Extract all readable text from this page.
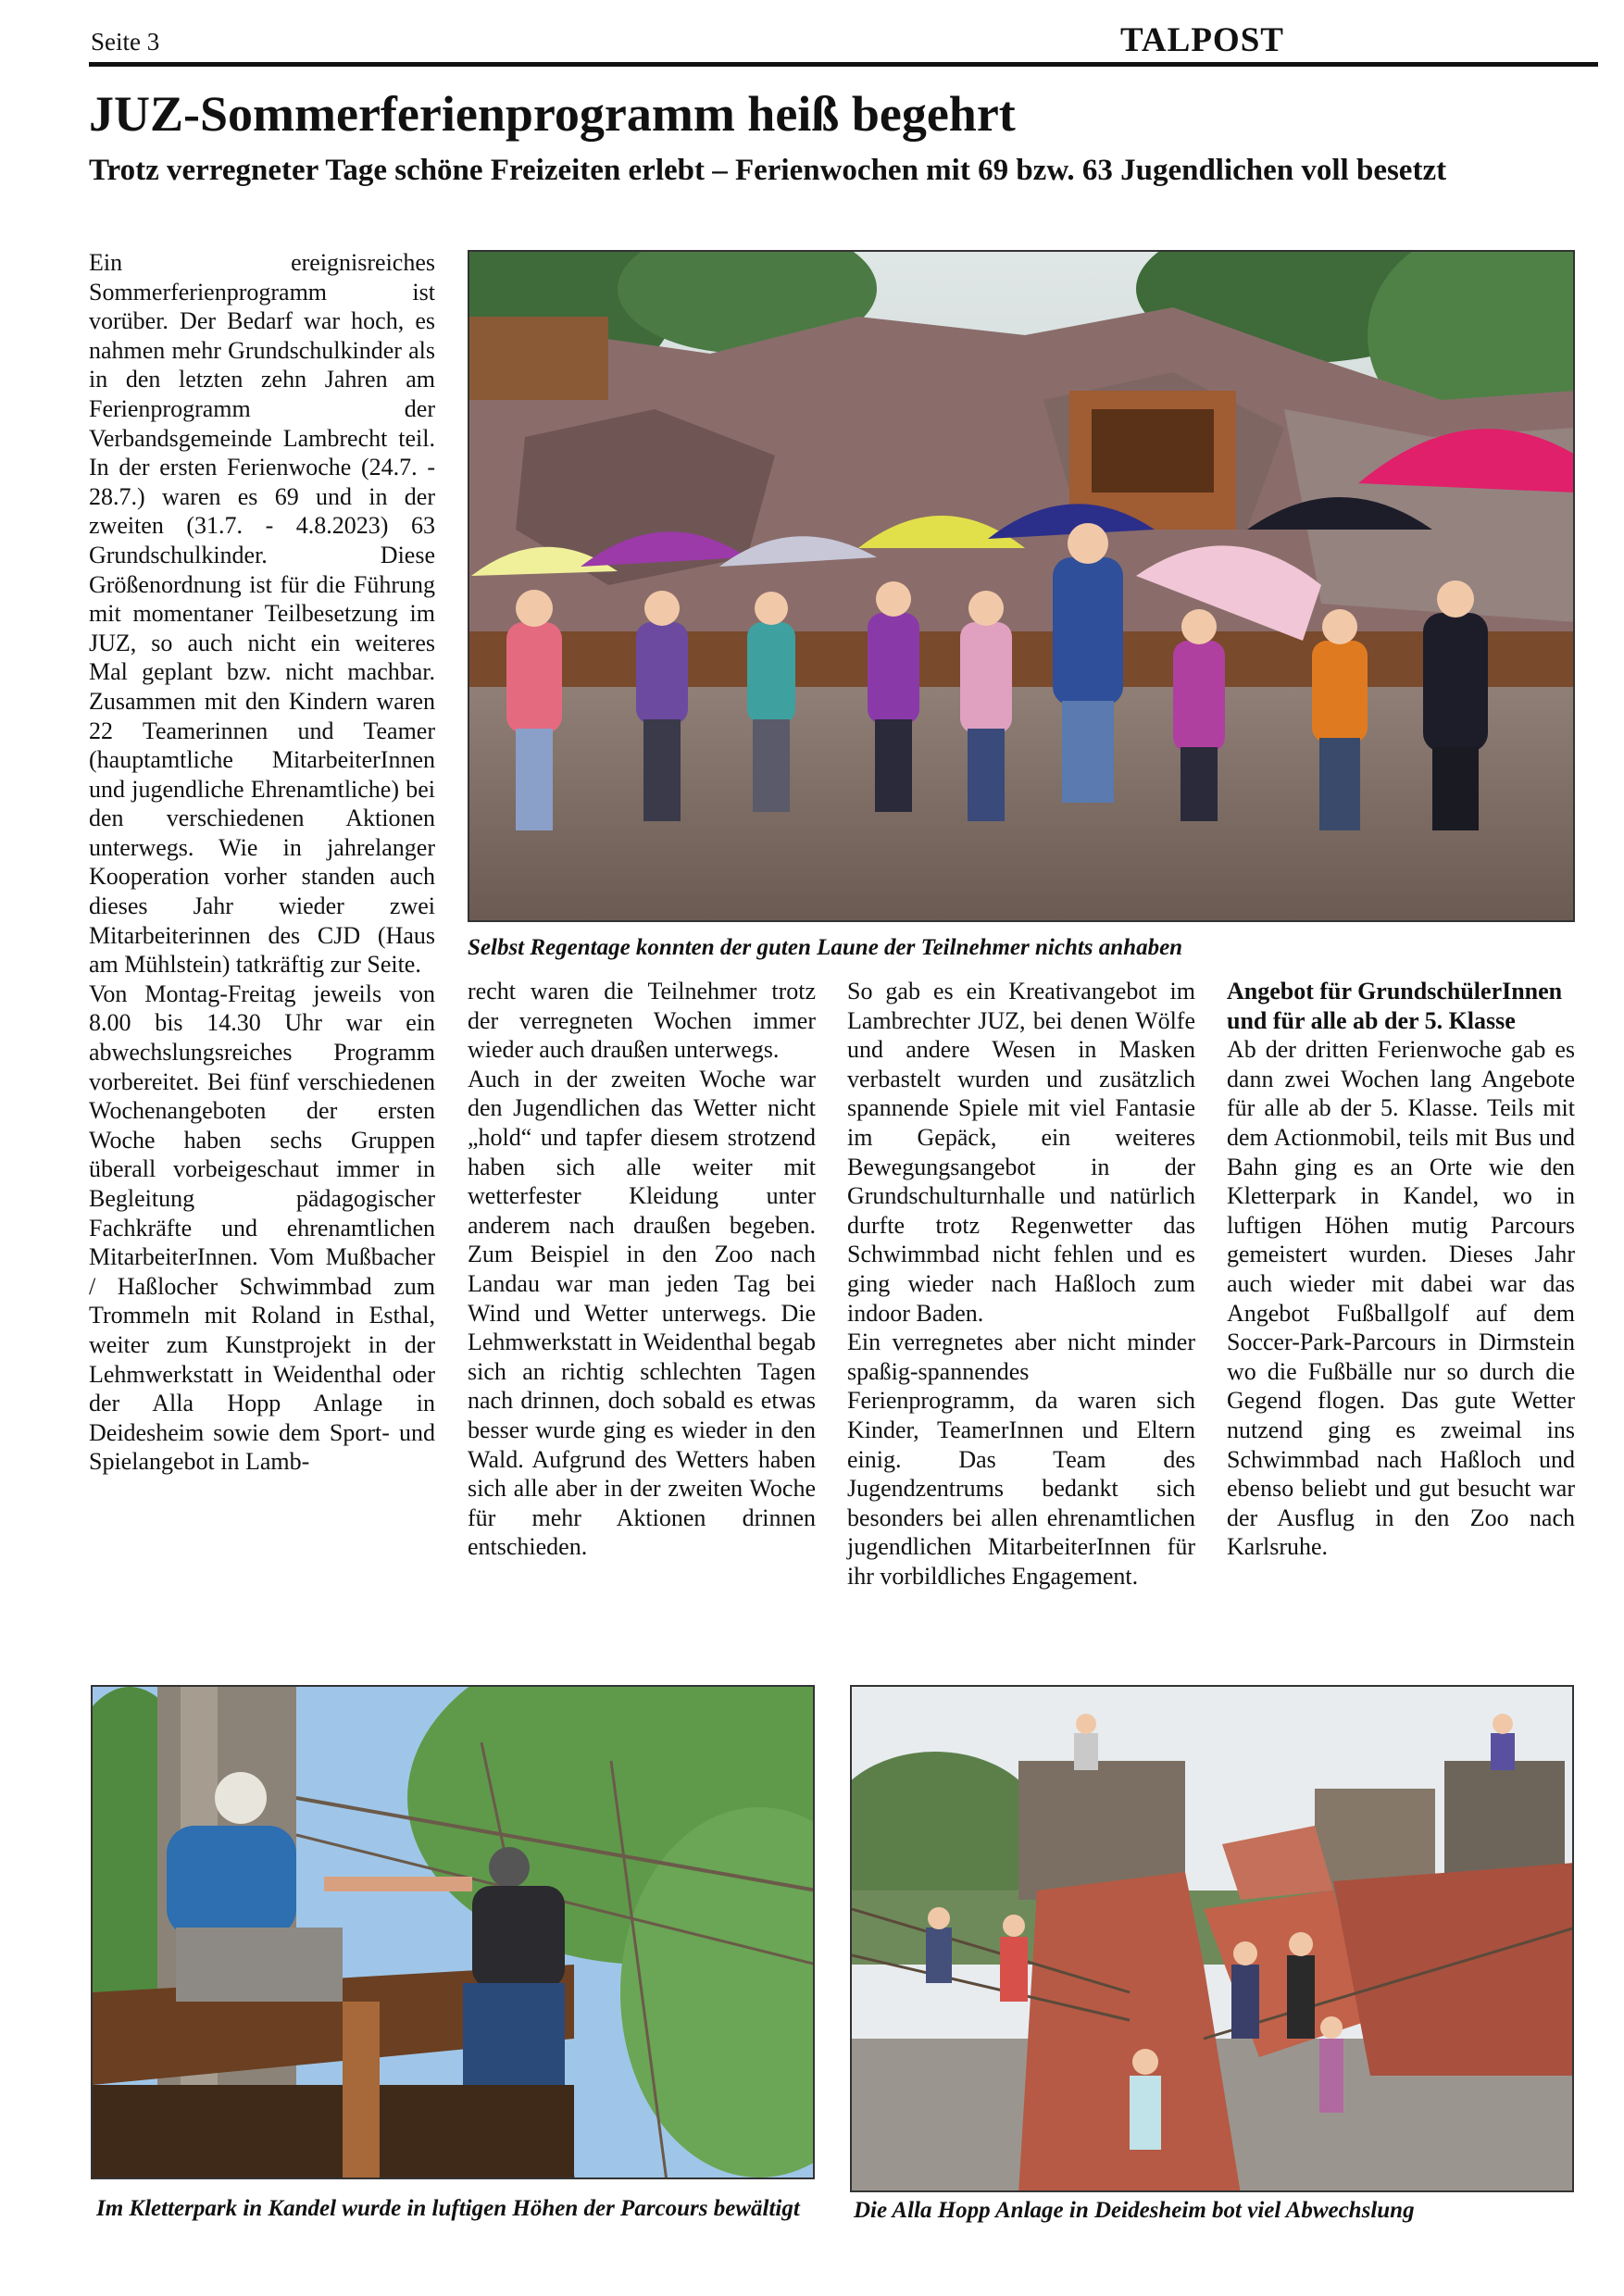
Seite 3	TALPOST
JUZ-Sommerferienprogramm heiß begehrt
Trotz verregneter Tage schöne Freizeiten erlebt – Ferienwochen mit 69 bzw. 63 Jugendlichen voll besetzt

Ein ereignisreiches Sommerferienprogramm ist vorüber. Der Bedarf war hoch, es nahmen mehr Grundschulkinder als in den letzten zehn Jahren am Ferienprogramm der Verbandsgemeinde Lambrecht teil. In der ersten Ferienwoche (24.7. - 28.7.) waren es 69 und in der zweiten (31.7. - 4.8.2023) 63 Grundschulkinder. Diese Größenordnung ist für die Führung mit momentaner Teilbesetzung im JUZ, so auch nicht ein weiteres Mal geplant bzw. nicht machbar. Zusammen mit den Kindern waren 22 Teamerinnen und Teamer (hauptamtliche MitarbeiterInnen und jugendliche Ehrenamtliche) bei den verschiedenen Aktionen unterwegs. Wie in jahrelanger Kooperation vorher standen auch dieses Jahr wieder zwei Mitarbeiterinnen des CJD (Haus am Mühlstein) tatkräftig zur Seite.

Von Montag-Freitag jeweils von 8.00 bis 14.30 Uhr war ein abwechslungsreiches Programm vorbereitet. Bei fünf verschiedenen Wochenangeboten der ersten Woche haben sechs Gruppen überall vorbeigeschaut immer in Begleitung pädagogischer Fachkräfte und ehrenamtlichen MitarbeiterInnen. Vom Mußbacher / Haßlocher Schwimmbad zum Trommeln mit Roland in Esthal, weiter zum Kunstprojekt in der Lehmwerkstatt in Weidenthal oder der Alla Hopp Anlage in Deidesheim sowie dem Sport- und Spielangebot in Lamb-

Selbst Regentage konnten der guten Laune der Teilnehmer nichts anhaben

recht waren die Teilnehmer trotz der verregneten Wochen immer wieder auch draußen unterwegs.

Auch in der zweiten Woche war den Jugendlichen das Wetter nicht „hold“ und tapfer diesem strotzend haben sich alle weiter mit wetterfester Kleidung unter anderem nach draußen begeben. Zum Beispiel in den Zoo nach Landau war man jeden Tag bei Wind und Wetter unterwegs. Die Lehmwerkstatt in Weidenthal begab sich an richtig schlechten Tagen nach drinnen, doch sobald es etwas besser wurde ging es wieder in den Wald. Aufgrund des Wetters haben sich alle aber in der zweiten Woche für mehr Aktionen drinnen entschieden.

So gab es ein Kreativangebot im Lambrechter JUZ, bei denen Wölfe und andere Wesen in Masken verbastelt wurden und zusätzlich spannende Spiele mit viel Fantasie im Gepäck, ein weiteres Bewegungsangebot in der Grundschulturnhalle und natürlich durfte trotz Regenwetter das Schwimmbad nicht fehlen und es ging wieder nach Haßloch zum indoor Baden.

Ein verregnetes aber nicht minder spaßig-spannendes Ferienprogramm, da waren sich Kinder, TeamerInnen und Eltern einig. Das Team des Jugendzentrums bedankt sich besonders bei allen ehrenamtlichen jugendlichen MitarbeiterInnen für ihr vorbildliches Engagement.

Angebot für GrundschülerInnen und für alle ab der 5. Klasse

Ab der dritten Ferienwoche gab es dann zwei Wochen lang Angebote für alle ab der 5. Klasse. Teils mit dem Actionmobil, teils mit Bus und Bahn ging es an Orte wie den Kletterpark in Kandel, wo in luftigen Höhen mutig Parcours gemeistert wurden. Dieses Jahr auch wieder mit dabei war das Angebot Fußballgolf auf dem Soccer-Park-Parcours in Dirmstein wo die Fußbälle nur so durch die Gegend flogen. Das gute Wetter nutzend ging es zweimal ins Schwimmbad nach Haßloch und ebenso beliebt und gut besucht war der Ausflug in den Zoo nach Karlsruhe.

Im Kletterpark in Kandel wurde in luftigen Höhen der Parcours bewältigt	Die Alla Hopp Anlage in Deidesheim bot viel Abwechslung
